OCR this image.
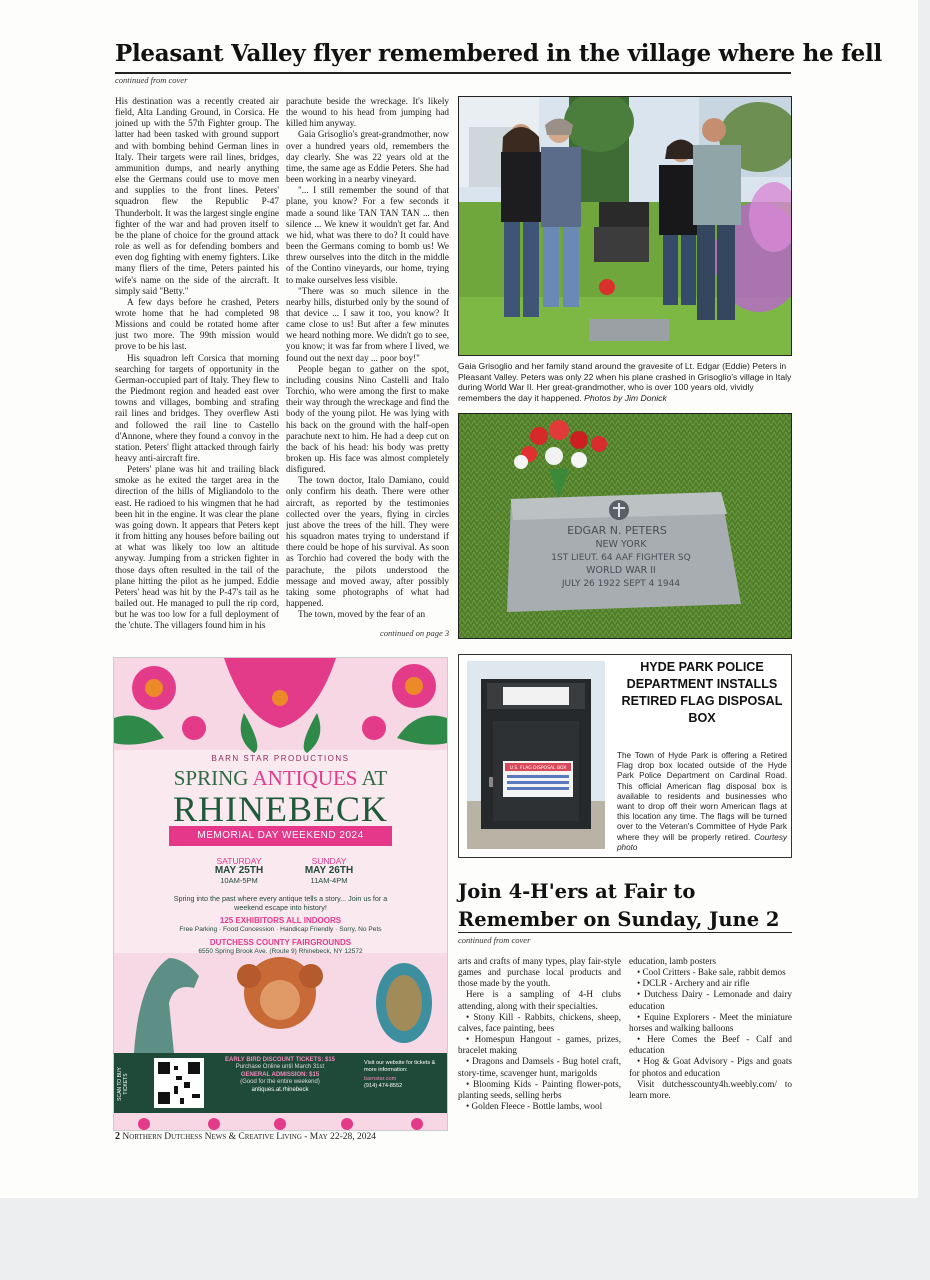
Pleasant Valley flyer remembered in the village where he fell
continued from cover

His destination was a recently created air field, Alta Landing Ground, in Corsica. He joined up with the 57th Fighter group. The latter had been tasked with ground support and with bombing behind German lines in Italy. Their targets were rail lines, bridges, ammunition dumps, and nearly anything else the Germans could use to move men and supplies to the front lines. Peters' squadron flew the Republic P-47 Thunderbolt. It was the largest single engine fighter of the war and had proven itself to be the plane of choice for the ground attack role as well as for defending bombers and even dog fighting with enemy fighters. Like many fliers of the time, Peters painted his wife's name on the side of the aircraft. It simply said "Betty."

A few days before he crashed, Peters wrote home that he had completed 98 Missions and could be rotated home after just two more. The 99th mission would prove to be his last.

His squadron left Corsica that morning searching for targets of opportunity in the German-occupied part of Italy. They flew to the Piedmont region and headed east over towns and villages, bombing and strafing rail lines and bridges. They overflew Asti and followed the rail line to Castello d'Annone, where they found a convoy in the station. Peters' flight attacked through fairly heavy anti-aircraft fire.

Peters' plane was hit and trailing black smoke as he exited the target area in the direction of the hills of Migliandolo to the east. He radioed to his wingmen that he had been hit in the engine. It was clear the plane was going down. It appears that Peters kept it from hitting any houses before bailing out at what was likely too low an altitude anyway. Jumping from a stricken fighter in those days often resulted in the tail of the plane hitting the pilot as he jumped. Eddie Peters' head was hit by the P-47's tail as he bailed out. He managed to pull the rip cord, but he was too low for a full deployment of the 'chute. The villagers found him in his

parachute beside the wreckage. It's likely the wound to his head from jumping had killed him anyway.

Gaia Grisoglio's great-grandmother, now over a hundred years old, remembers the day clearly. She was 22 years old at the time, the same age as Eddie Peters. She had been working in a nearby vineyard.

"... I still remember the sound of that plane, you know? For a few seconds it made a sound like TAN TAN TAN ... then silence ... We knew it wouldn't get far. And we hid, what was there to do? It could have been the Germans coming to bomb us! We threw ourselves into the ditch in the middle of the Contino vineyards, our home, trying to make ourselves less visible.

"There was so much silence in the nearby hills, disturbed only by the sound of that device ... I saw it too, you know? It came close to us! But after a few minutes we heard nothing more. We didn't go to see, you know; it was far from where I lived, we found out the next day ... poor boy!"

People began to gather on the spot, including cousins Nino Castelli and Italo Torchio, who were among the first to make their way through the wreckage and find the body of the young pilot. He was lying with his back on the ground with the half-open parachute next to him. He had a deep cut on the back of his head: his body was pretty broken up. His face was almost completely disfigured.

The town doctor, Italo Damiano, could only confirm his death. There were other aircraft, as reported by the testimonies collected over the years, flying in circles just above the trees of the hill. They were his squadron mates trying to understand if there could be hope of his survival. As soon as Torchio had covered the body with the parachute, the pilots understood the message and moved away, after possibly taking some photographs of what had happened.

The town, moved by the fear of an

continued on page 3
Gaia Grisoglio and her family stand around the gravesite of Lt. Edgar (Eddie) Peters in Pleasant Valley. Peters was only 22 when his plane crashed in Grisoglio's village in Italy during World War II. Her great-grandmother, who is over 100 years old, vividly remembers the day it happened. Photos by Jim Donick
EDGAR N. PETERS
NEW YORK
1ST LIEUT. 64 AAF FIGHTER SQ
WORLD WAR II
JULY 26 1922 SEPT 4 1944
BARN STAR PRODUCTIONS
SPRING ANTIQUES AT
RHINEBECK
MEMORIAL DAY WEEKEND 2024
SATURDAY
MAY 25TH
10AM-5PM
SUNDAY
MAY 26TH
11AM-4PM
Spring into the past where every antique tells a story... Join us for a weekend escape into history!
125 EXHIBITORS ALL INDOORS
Free Parking · Food Concession · Handicap Friendly · Sorry, No Pets
DUTCHESS COUNTY FAIRGROUNDS
6550 Spring Brook Ave. (Route 9) Rhinebeck, NY 12572
SCAN TO BUY TICKETS
EARLY BIRD DISCOUNT TICKETS: $15
Purchase Online until March 31st
GENERAL ADMISSION: $15
(Good for the entire weekend)
antiques.at.rhinebeck
Visit our website for tickets & more information:
barnstar.com
(914) 474-8552
U.S. FLAG DISPOSAL BOX
HYDE PARK POLICE DEPARTMENT INSTALLS RETIRED FLAG DISPOSAL BOX
The Town of Hyde Park is offering a Retired Flag drop box located outside of the Hyde Park Police Department on Cardinal Road. This official American flag disposal box is available to residents and businesses who want to drop off their worn American flags at this location any time. The flags will be turned over to the Veteran's Committee of Hyde Park where they will be properly retired. Courtesy photo
Join 4-H'ers at Fair to Remember on Sunday, June 2
continued from cover

arts and crafts of many types, play fair-style games and purchase local products and those made by the youth.

Here is a sampling of 4-H clubs attending, along with their specialties.

• Stony Kill - Rabbits, chickens, sheep, calves, face painting, bees

• Homespun Hangout - games, prizes, bracelet making

• Dragons and Damsels - Bug hotel craft, story-time, scavenger hunt, marigolds

• Blooming Kids - Painting flower-pots, planting seeds, selling herbs

• Golden Fleece - Bottle lambs, wool

education, lamb posters

• Cool Critters - Bake sale, rabbit demos

• DCLR - Archery and air rifle

• Dutchess Dairy - Lemonade and dairy education

• Equine Explorers - Meet the miniature horses and walking balloons

• Here Comes the Beef - Calf and education

• Hog & Goat Advisory - Pigs and goats for photos and education

Visit dutchesscounty4h.weebly.com/ to learn more.

2 Northern Dutchess News & Creative Living - May 22-28, 2024
